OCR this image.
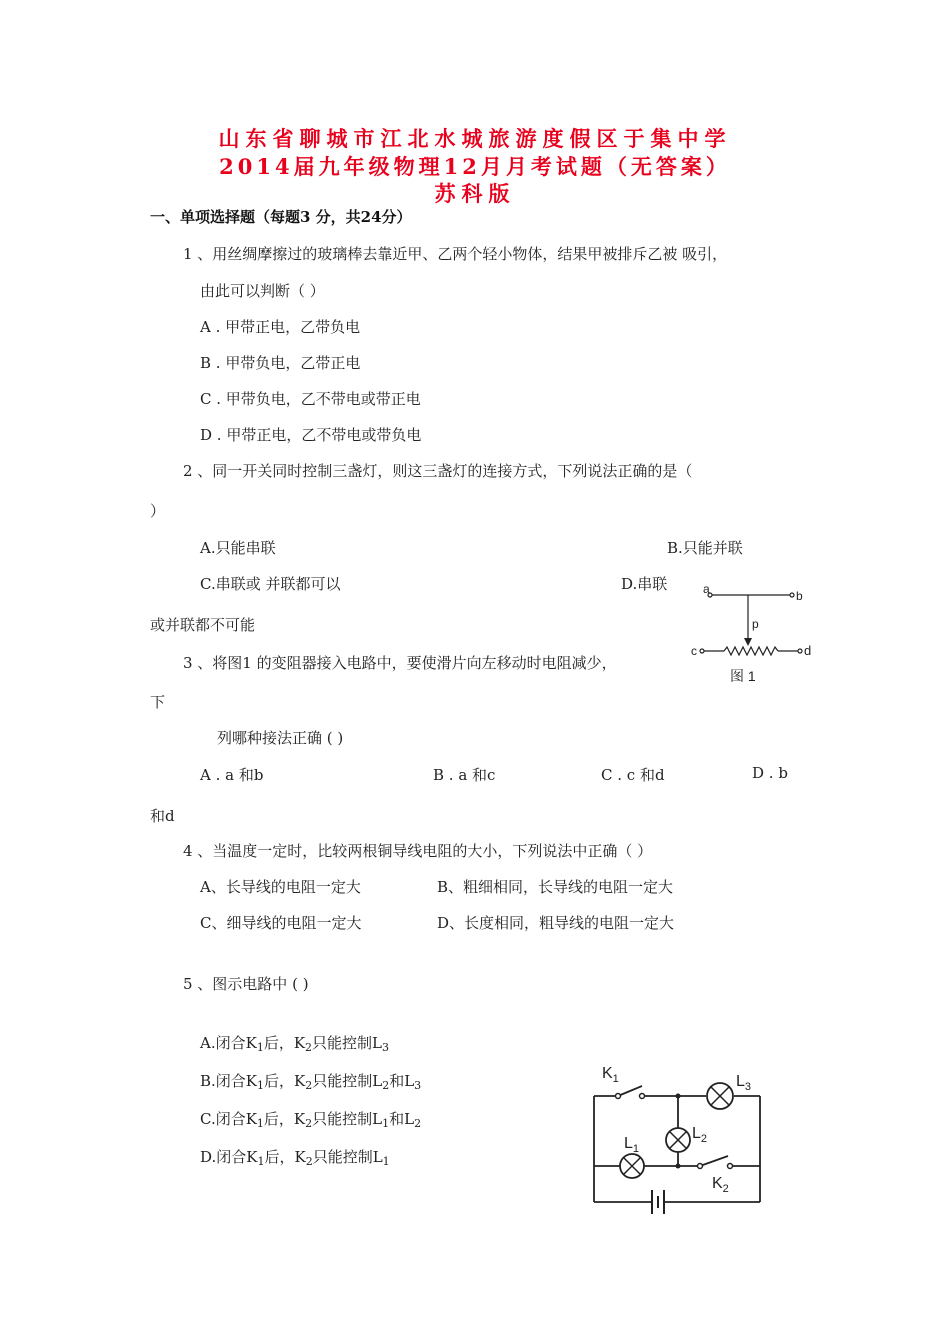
山东省聊城市江北水城旅游度假区于集中学
2014届九年级物理12月月考试题（无答案）
苏科版
一、单项选择题（每题3 分，共24分）
1 、用丝绸摩擦过的玻璃棒去靠近甲、乙两个轻小物体，结果甲被排斥乙被 吸引，
由此可以判断（ ）
A . 甲带正电，乙带负电
B . 甲带负电，乙带正电
C . 甲带负电，乙不带电或带正电
D . 甲带正电，乙不带电或带负电
2 、同一开关同时控制三盏灯，则这三盏灯的连接方式，下列说法正确的是（
）
A.只能串联	B.只能并联
C.串联或 并联都可以	D.串联
或并联都不可能
a	b
p
c	d
图 1
3 、将图1 的变阻器接入电路中，要使滑片向左移动时电阻减少，
下
列哪种接法正确 ( )
A . a 和b	B . a 和c	C . c 和d	D . b
和d
4 、当温度一定时，比较两根铜导线电阻的大小，下列说法中正确（ ）
A、长导线的电阻一定大	B、粗细相同，长导线的电阻一定大
C、细导线的电阻一定大	D、长度相同，粗导线的电阻一定大
5 、图示电路中 ( )
A.闭合$K_1$后，$K_2$只能控制$L_3$
B.闭合$K_1$后，$K_2$只能控制$L_2$和$L_3$
C.闭合$K_1$后，$K_2$只能控制$L_1$和$L_2$
D.闭合$K_1$后，$K_2$只能控制$L_1$
$K_1$	$L_3$
$L_2$
$L_1$
$K_2$
